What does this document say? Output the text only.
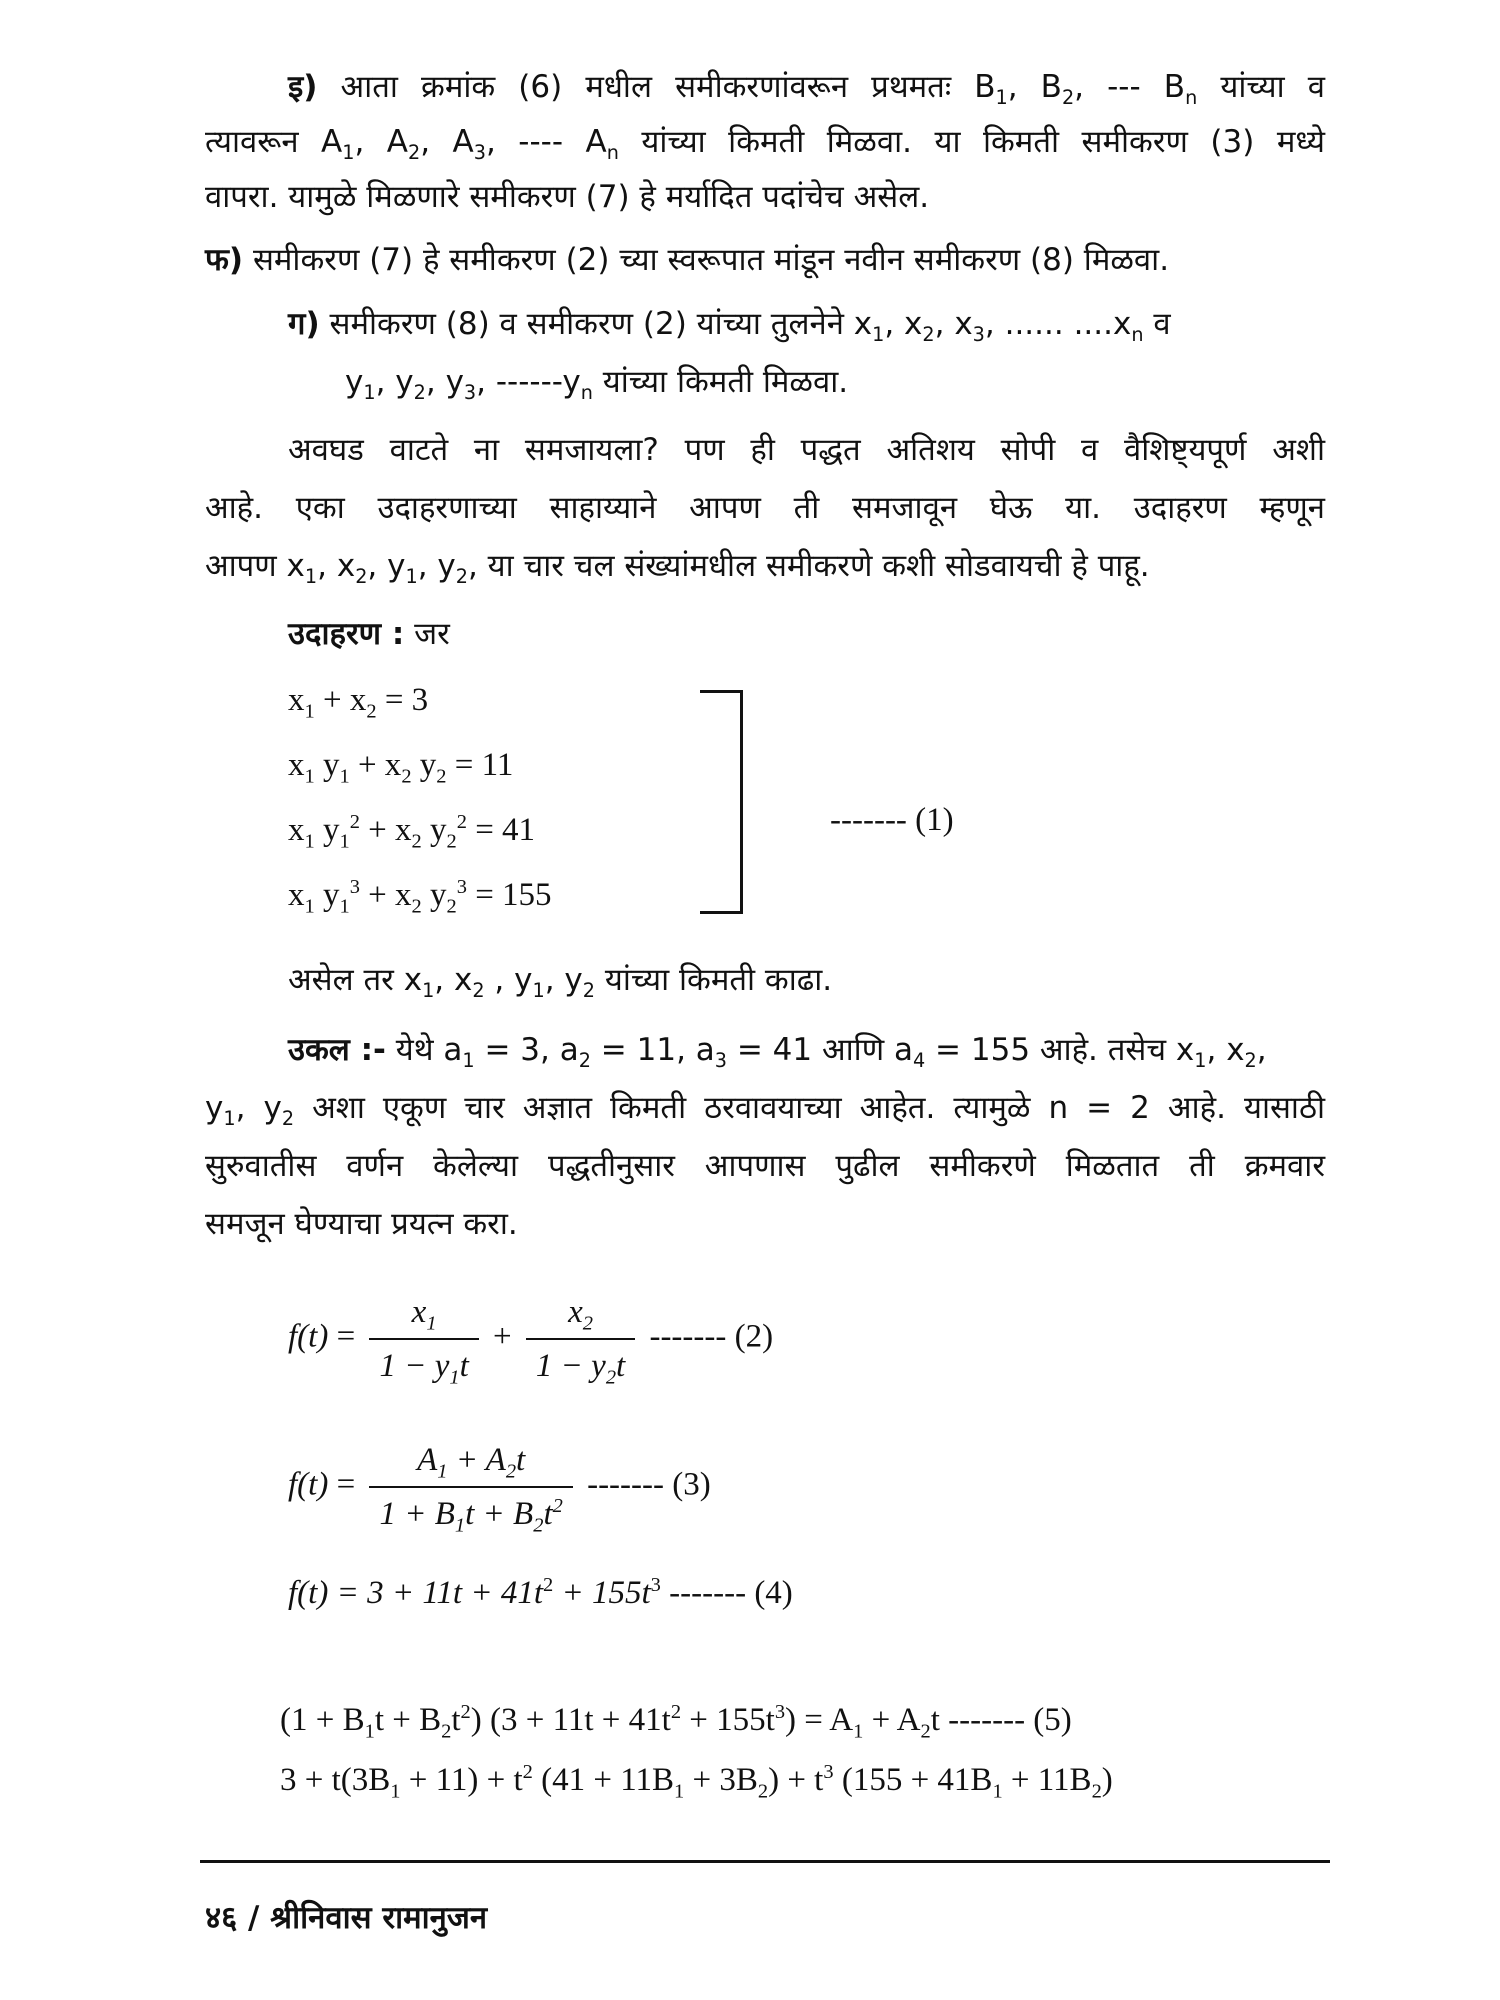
इ) आता क्रमांक (6) मधील समीकरणांवरून प्रथमतः $B_1$, $B_2$, --- $B_n$ यांच्या व
त्यावरून $A_1$, $A_2$, $A_3$, ---- $A_n$ यांच्या किमती मिळवा. या किमती समीकरण (3) मध्ये
वापरा. यामुळे मिळणारे समीकरण (7) हे मर्यादित पदांचेच असेल.
फ) समीकरण (7) हे समीकरण (2) च्या स्वरूपात मांडून नवीन समीकरण (8) मिळवा.
ग) समीकरण (8) व समीकरण (2) यांच्या तुलनेने $x_1$, $x_2$, $x_3$, ...... $....x_n$ व
$y_1$, $y_2$, $y_3$, $------y_n$ यांच्या किमती मिळवा.
अवघड वाटते ना समजायला? पण ही पद्धत अतिशय सोपी व वैशिष्ट्यपूर्ण अशी
आहे. एका उदाहरणाच्या साहाय्याने आपण ती समजावून घेऊ या. उदाहरण म्हणून
आपण $x_1$, $x_2$, $y_1$, $y_2$, या चार चल संख्यांमधील समीकरणे कशी सोडवायची हे पाहू.
उदाहरण : जर
$x_1 + x_2 = 3$
$x_1$ $y_1 + x_2$ $y_2 = 11$
$x_1$ $y_1^2 + x_2$ $y_2^2 = 41$
$x_1$ $y_1^3 + x_2$ $y_2^3 = 155$
------- (1)
असेल तर $x_1$, $x_2$ , $y_1$, $y_2$ यांच्या किमती काढा.
उकल :- येथे $a_1 = 3$, $a_2 = 11$, $a_3 = 41$ आणि $a_4 = 155$ आहे. तसेच $x_1$, $x_2$,
$y_1$, $y_2$ अशा एकूण चार अज्ञात किमती ठरवावयाच्या आहेत. त्यामुळे n = 2 आहे. यासाठी
सुरुवातीस वर्णन केलेल्या पद्धतीनुसार आपणास पुढील समीकरणे मिळतात ती क्रमवार
समजून घेण्याचा प्रयत्न करा.
$f(t) = \frac{x_1}{1 - y_1t} + \frac{x_2}{1 - y_2t}$ ------- (2)
$f(t) = \frac{A_1 + A_2t}{1 + B_1t + B_2t^2}$ ------- (3)
$f(t) = 3 + 11t + 41t^2 + 155t^3$ ------- (4)
$(1 + B_1t + B_2t^2)$ $(3 + 11t + 41t^2 + 155t^3) = A_1 + A_2t$ ------- (5)
$3 + t(3B_1 + 11) + t^2$ $(41 + 11B_1 + 3B_2) + t^3$ $(155 + 41B_1 + 11B_2)$
४६ / श्रीनिवास रामानुजन
